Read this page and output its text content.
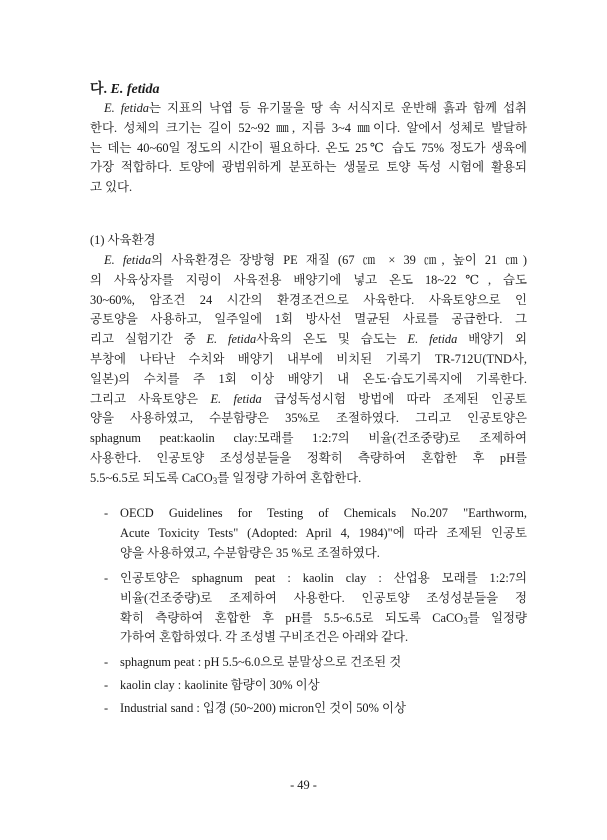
다. E. fetida
E. fetida는 지표의 낙엽 등 유기물을 땅 속 서식지로 운반해 흙과 함께 섭취
한다. 성체의 크기는 길이 52~92 ㎜, 지름 3~4 ㎜이다. 알에서 성체로 발달하
는 데는 40~60일 정도의 시간이 필요하다. 온도 25℃ 습도 75% 정도가 생육에
가장 적합하다. 토양에 광범위하게 분포하는 생물로 토양 독성 시험에 활용되
고 있다.
(1) 사육환경
E. fetida의 사육환경은 장방형 PE 재질 (67 ㎝ × 39 ㎝, 높이 21 ㎝)
의 사육상자를 지렁이 사육전용 배양기에 넣고 온도 18~22℃, 습도
30~60%, 암조건 24 시간의 환경조건으로 사육한다. 사육토양으로 인
공토양을 사용하고, 일주일에 1회 방사선 멸균된 사료를 공급한다. 그
리고 실험기간 중 E. fetida사육의 온도 및 습도는 E. fetida 배양기 외
부창에 나타난 수치와 배양기 내부에 비치된 기록기 TR-712U(TND사,
일본)의 수치를 주 1회 이상 배양기 내 온도·습도기록지에 기록한다.
그리고 사육토양은 E. fetida 급성독성시험 방법에 따라 조제된 인공토
양을 사용하였고, 수분함량은 35%로 조절하였다. 그리고 인공토양은
sphagnum peat:kaolin clay:모래를 1:2:7의 비율(건조중량)로 조제하여
사용한다. 인공토양 조성성분들을 정확히 측량하여 혼합한 후 pH를
5.5~6.5로 되도록 CaCO$_3$를 일정량 가하여 혼합한다.
- OECD Guidelines for Testing of Chemicals No.207 "Earthworm,
Acute Toxicity Tests" (Adopted: April 4, 1984)"에 따라 조제된 인공토
양을 사용하였고, 수분함량은 35 %로 조절하였다.
- 인공토양은 sphagnum peat : kaolin clay : 산업용 모래를 1:2:7의
비율(건조중량)로 조제하여 사용한다. 인공토양 조성성분들을 정
확히 측량하여 혼합한 후 pH를 5.5~6.5로 되도록 CaCO$_3$를 일정량
가하여 혼합하였다. 각 조성별 구비조건은 아래와 같다.
- sphagnum peat : pH 5.5~6.0으로 분말상으로 건조된 것
- kaolin clay : kaolinite 함량이 30% 이상
- Industrial sand : 입경 (50~200) micron인 것이 50% 이상
- 49 -
